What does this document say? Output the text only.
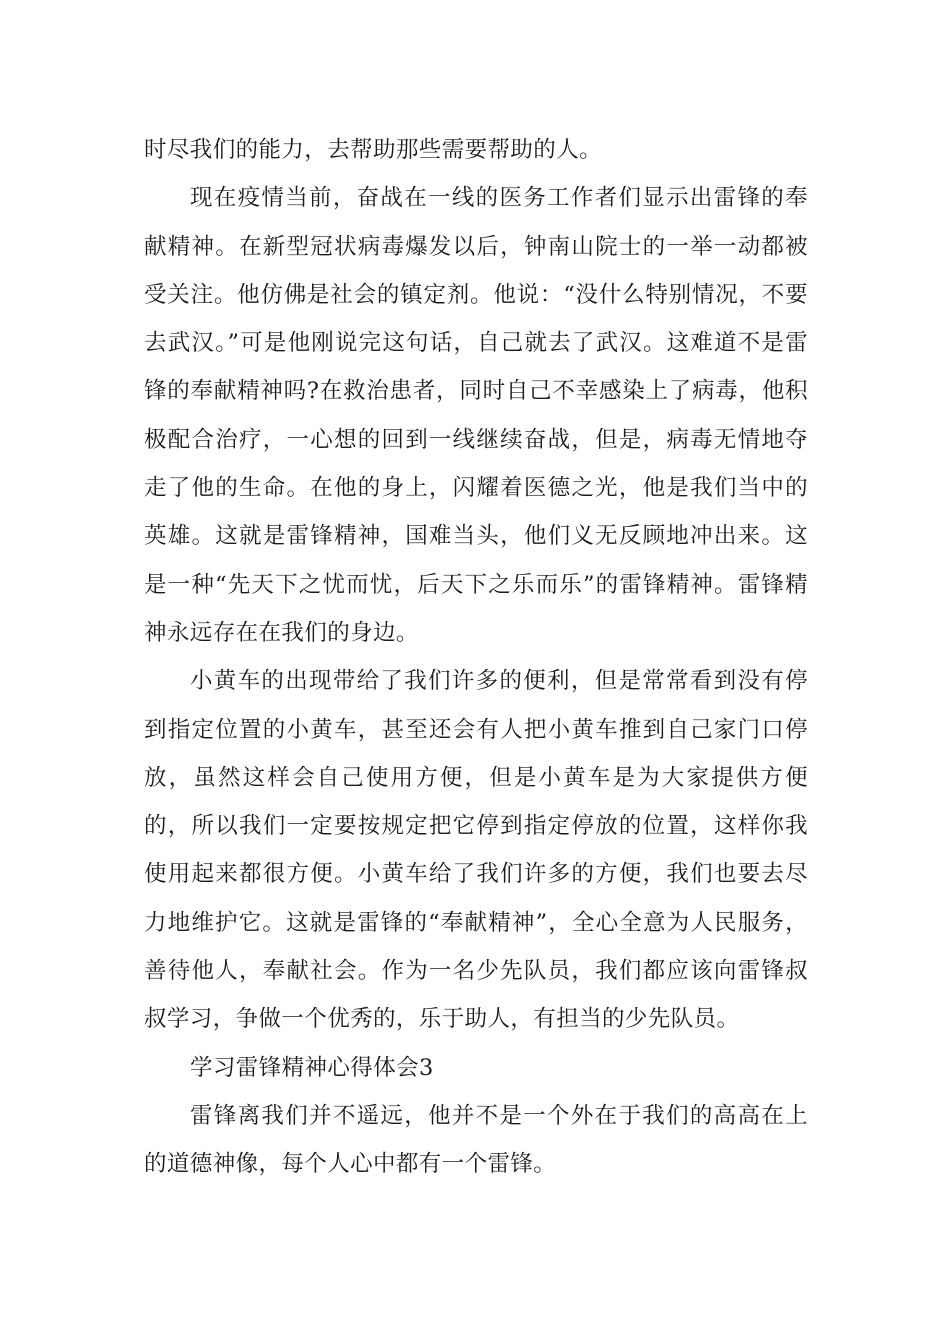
时尽我们的能力，去帮助那些需要帮助的人。

现在疫情当前，奋战在一线的医务工作者们显示出雷锋的奉献精神。在新型冠状病毒爆发以后，钟南山院士的一举一动都被受关注。他仿佛是社会的镇定剂。他说：“没什么特别情况，不要去武汉。”可是他刚说完这句话，自己就去了武汉。这难道不是雷锋的奉献精神吗?在救治患者，同时自己不幸感染上了病毒，他积极配合治疗，一心想的回到一线继续奋战，但是，病毒无情地夺走了他的生命。在他的身上，闪耀着医德之光，他是我们当中的英雄。这就是雷锋精神，国难当头，他们义无反顾地冲出来。这是一种“先天下之忧而忧，后天下之乐而乐”的雷锋精神。雷锋精神永远存在在我们的身边。

小黄车的出现带给了我们许多的便利，但是常常看到没有停到指定位置的小黄车，甚至还会有人把小黄车推到自己家门口停放，虽然这样会自己使用方便，但是小黄车是为大家提供方便的，所以我们一定要按规定把它停到指定停放的位置，这样你我使用起来都很方便。小黄车给了我们许多的方便，我们也要去尽力地维护它。这就是雷锋的“奉献精神”，全心全意为人民服务，善待他人，奉献社会。作为一名少先队员，我们都应该向雷锋叔叔学习，争做一个优秀的，乐于助人，有担当的少先队员。

学习雷锋精神心得体会3

雷锋离我们并不遥远，他并不是一个外在于我们的高高在上的道德神像，每个人心中都有一个雷锋。
